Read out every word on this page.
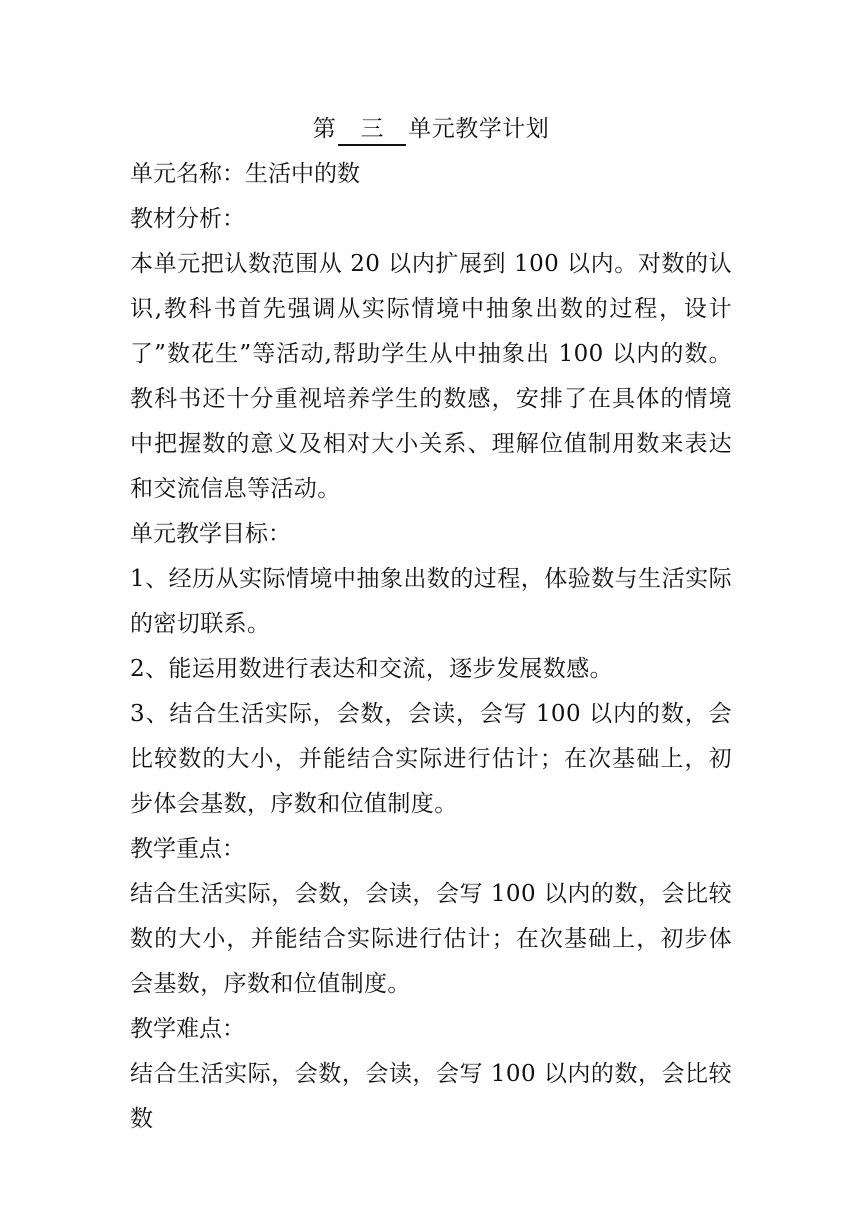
第 三 单元教学计划

单元名称：生活中的数

教材分析：

本单元把认数范围从 20 以内扩展到 100 以内。对数的认识,教科书首先强调从实际情境中抽象出数的过程，设计了”数花生”等活动,帮助学生从中抽象出 100 以内的数。教科书还十分重视培养学生的数感，安排了在具体的情境中把握数的意义及相对大小关系、理解位值制用数来表达和交流信息等活动。

单元教学目标：

1、经历从实际情境中抽象出数的过程，体验数与生活实际的密切联系。

2、能运用数进行表达和交流，逐步发展数感。

3、结合生活实际，会数，会读，会写 100 以内的数，会比较数的大小，并能结合实际进行估计；在次基础上，初步体会基数，序数和位值制度。

教学重点：

结合生活实际，会数，会读，会写 100 以内的数，会比较数的大小，并能结合实际进行估计；在次基础上，初步体会基数，序数和位值制度。

教学难点：

结合生活实际，会数，会读，会写 100 以内的数，会比较数
